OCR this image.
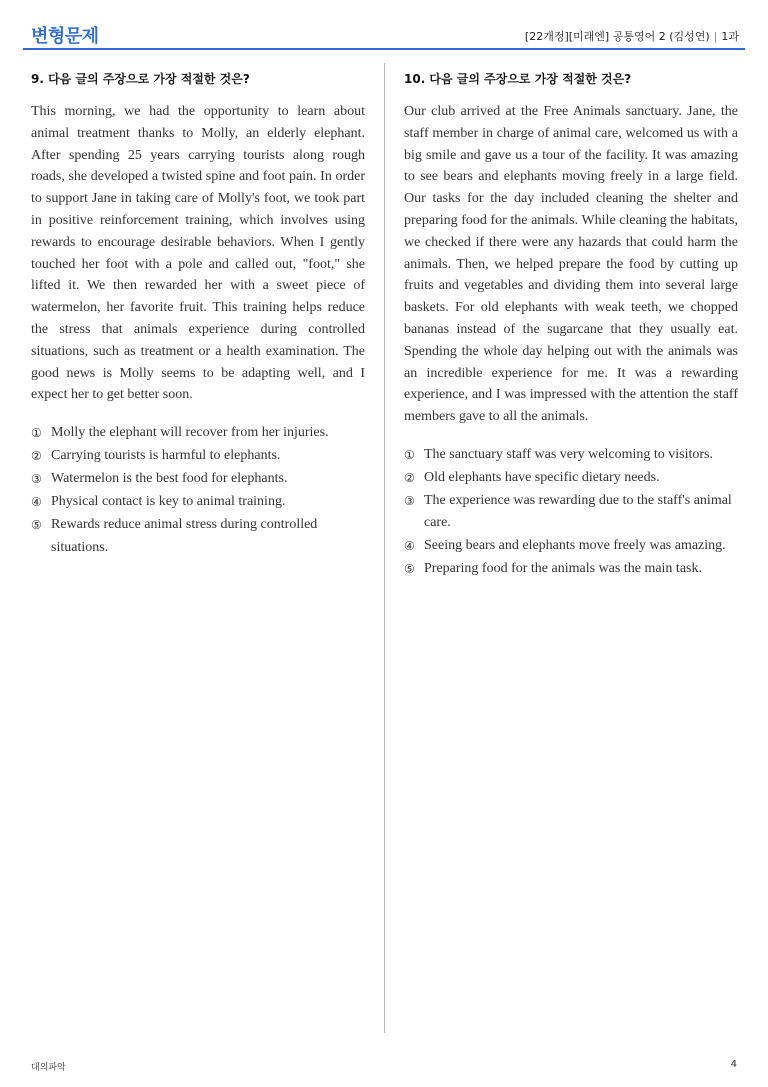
변형문제	[22개정][미래엔] 공통영어 2 (김성연) | 1과
9. 다음 글의 주장으로 가장 적절한 것은?

This morning, we had the opportunity to learn about animal treatment thanks to Molly, an elderly elephant. After spending 25 years carrying tourists along rough roads, she developed a twisted spine and foot pain. In order to support Jane in taking care of Molly's foot, we took part in positive reinforcement training, which involves using rewards to encourage desirable behaviors. When I gently touched her foot with a pole and called out, "foot," she lifted it. We then rewarded her with a sweet piece of watermelon, her favorite fruit. This training helps reduce the stress that animals experience during controlled situations, such as treatment or a health examination. The good news is Molly seems to be adapting well, and I expect her to get better soon.

① Molly the elephant will recover from her injuries.
② Carrying tourists is harmful to elephants.
③ Watermelon is the best food for elephants.
④ Physical contact is key to animal training.
⑤ Rewards reduce animal stress during controlled situations.
10. 다음 글의 주장으로 가장 적절한 것은?

Our club arrived at the Free Animals sanctuary. Jane, the staff member in charge of animal care, welcomed us with a big smile and gave us a tour of the facility. It was amazing to see bears and elephants moving freely in a large field. Our tasks for the day included cleaning the shelter and preparing food for the animals. While cleaning the habitats, we checked if there were any hazards that could harm the animals. Then, we helped prepare the food by cutting up fruits and vegetables and dividing them into several large baskets. For old elephants with weak teeth, we chopped bananas instead of the sugarcane that they usually eat. Spending the whole day helping out with the animals was an incredible experience for me. It was a rewarding experience, and I was impressed with the attention the staff members gave to all the animals.

① The sanctuary staff was very welcoming to visitors.
② Old elephants have specific dietary needs.
③ The experience was rewarding due to the staff's animal care.
④ Seeing bears and elephants move freely was amazing.
⑤ Preparing food for the animals was the main task.
대의파악	4
